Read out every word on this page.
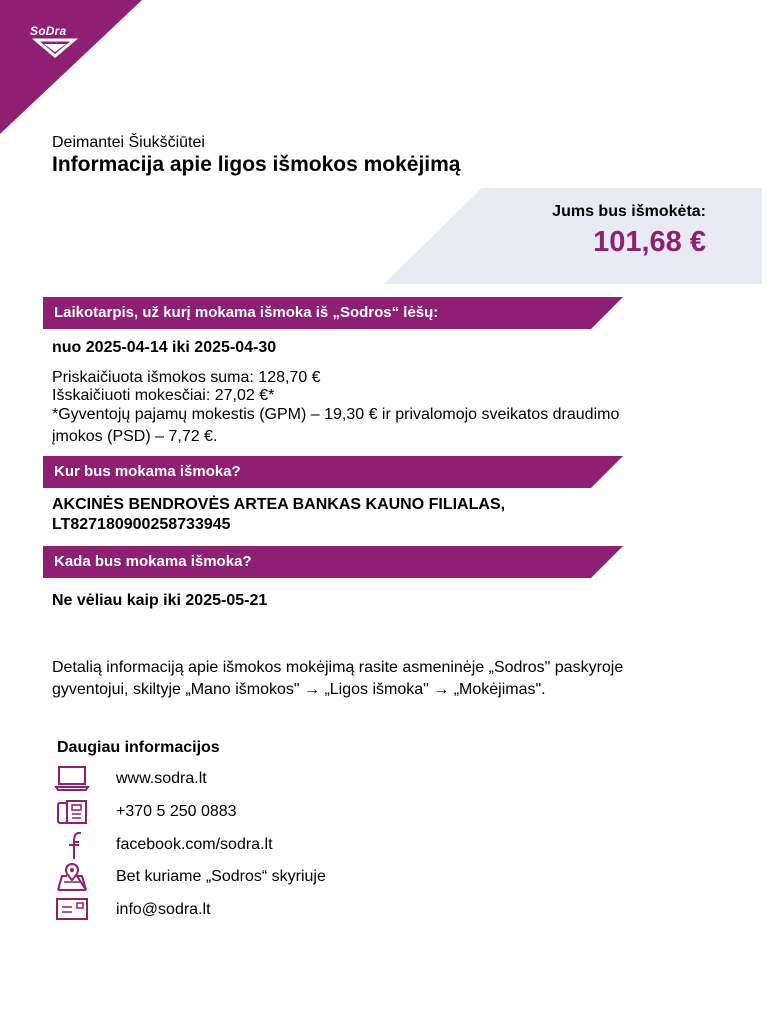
SoDra
Deimantei Šiukščiūtei
Informacija apie ligos išmokos mokėjimą
Jums bus išmokėta:
101,68 €
Laikotarpis, už kurį mokama išmoka iš „Sodros“ lėšų:
nuo 2025-04-14 iki 2025-04-30
Priskaičiuota išmokos suma: 128,70 €
Išskaičiuoti mokesčiai: 27,02 €*
*Gyventojų pajamų mokestis (GPM) – 19,30 € ir privalomojo sveikatos draudimo
įmokos (PSD) – 7,72 €.
Kur bus mokama išmoka?
AKCINĖS BENDROVĖS ARTEA BANKAS KAUNO FILIALAS,
LT827180900258733945
Kada bus mokama išmoka?
Ne vėliau kaip iki 2025-05-21
Detalią informaciją apie išmokos mokėjimą rasite asmeninėje „Sodros" paskyroje
gyventojui, skiltyje „Mano išmokos" → „Ligos išmoka" → „Mokėjimas".
Daugiau informacijos
www.sodra.lt
+370 5 250 0883
facebook.com/sodra.lt
Bet kuriame „Sodros“ skyriuje
info@sodra.lt
